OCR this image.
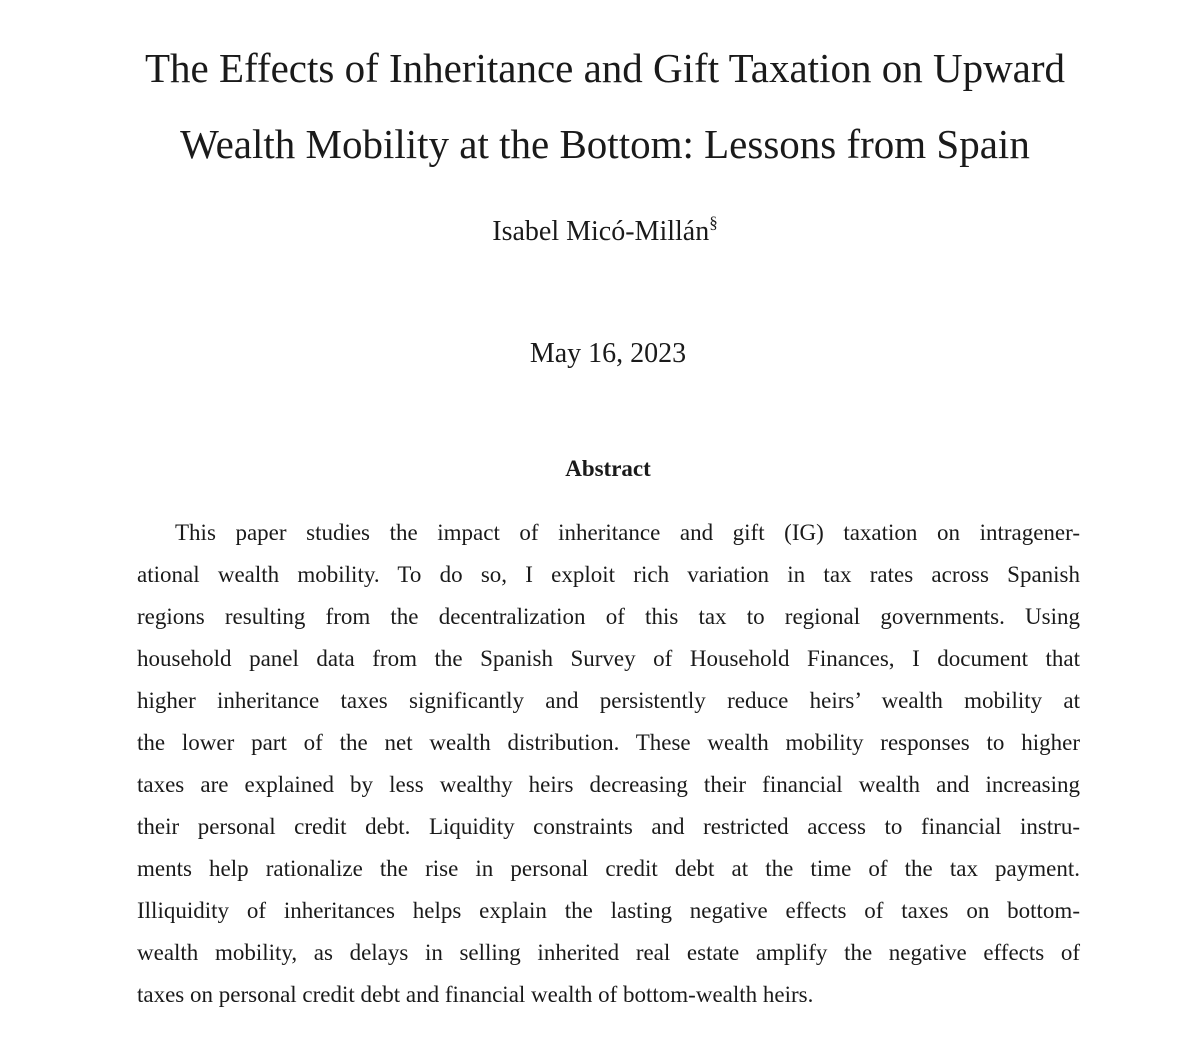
The Effects of Inheritance and Gift Taxation on Upward
Wealth Mobility at the Bottom: Lessons from Spain
Isabel Micó-Millán§
May 16, 2023
Abstract
This paper studies the impact of inheritance and gift (IG) taxation on intragener-
ational wealth mobility. To do so, I exploit rich variation in tax rates across Spanish
regions resulting from the decentralization of this tax to regional governments. Using
household panel data from the Spanish Survey of Household Finances, I document that
higher inheritance taxes significantly and persistently reduce heirs’ wealth mobility at
the lower part of the net wealth distribution. These wealth mobility responses to higher
taxes are explained by less wealthy heirs decreasing their financial wealth and increasing
their personal credit debt. Liquidity constraints and restricted access to financial instru-
ments help rationalize the rise in personal credit debt at the time of the tax payment.
Illiquidity of inheritances helps explain the lasting negative effects of taxes on bottom-
wealth mobility, as delays in selling inherited real estate amplify the negative effects of
taxes on personal credit debt and financial wealth of bottom-wealth heirs.
